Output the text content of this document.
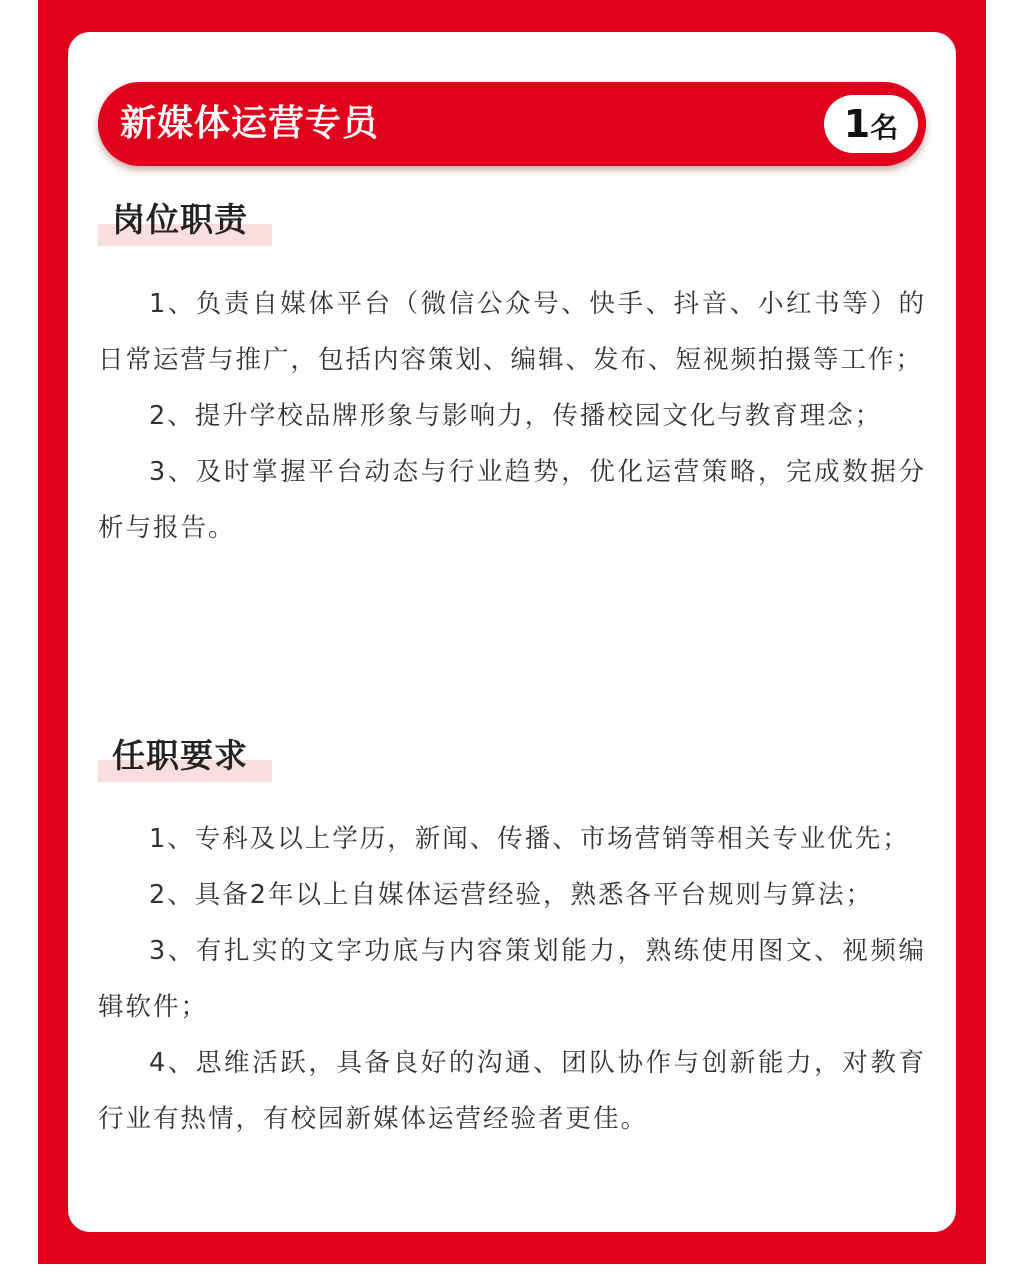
新媒体运营专员	1名
岗位职责

1、负责自媒体平台（微信公众号、快手、抖音、小红书等）的日常运营与推广，包括内容策划、编辑、发布、短视频拍摄等工作；

2、提升学校品牌形象与影响力，传播校园文化与教育理念；

3、及时掌握平台动态与行业趋势，优化运营策略，完成数据分析与报告。

任职要求

1、专科及以上学历，新闻、传播、市场营销等相关专业优先；

2、具备2年以上自媒体运营经验，熟悉各平台规则与算法；

3、有扎实的文字功底与内容策划能力，熟练使用图文、视频编辑软件；

4、思维活跃，具备良好的沟通、团队协作与创新能力，对教育行业有热情，有校园新媒体运营经验者更佳。
